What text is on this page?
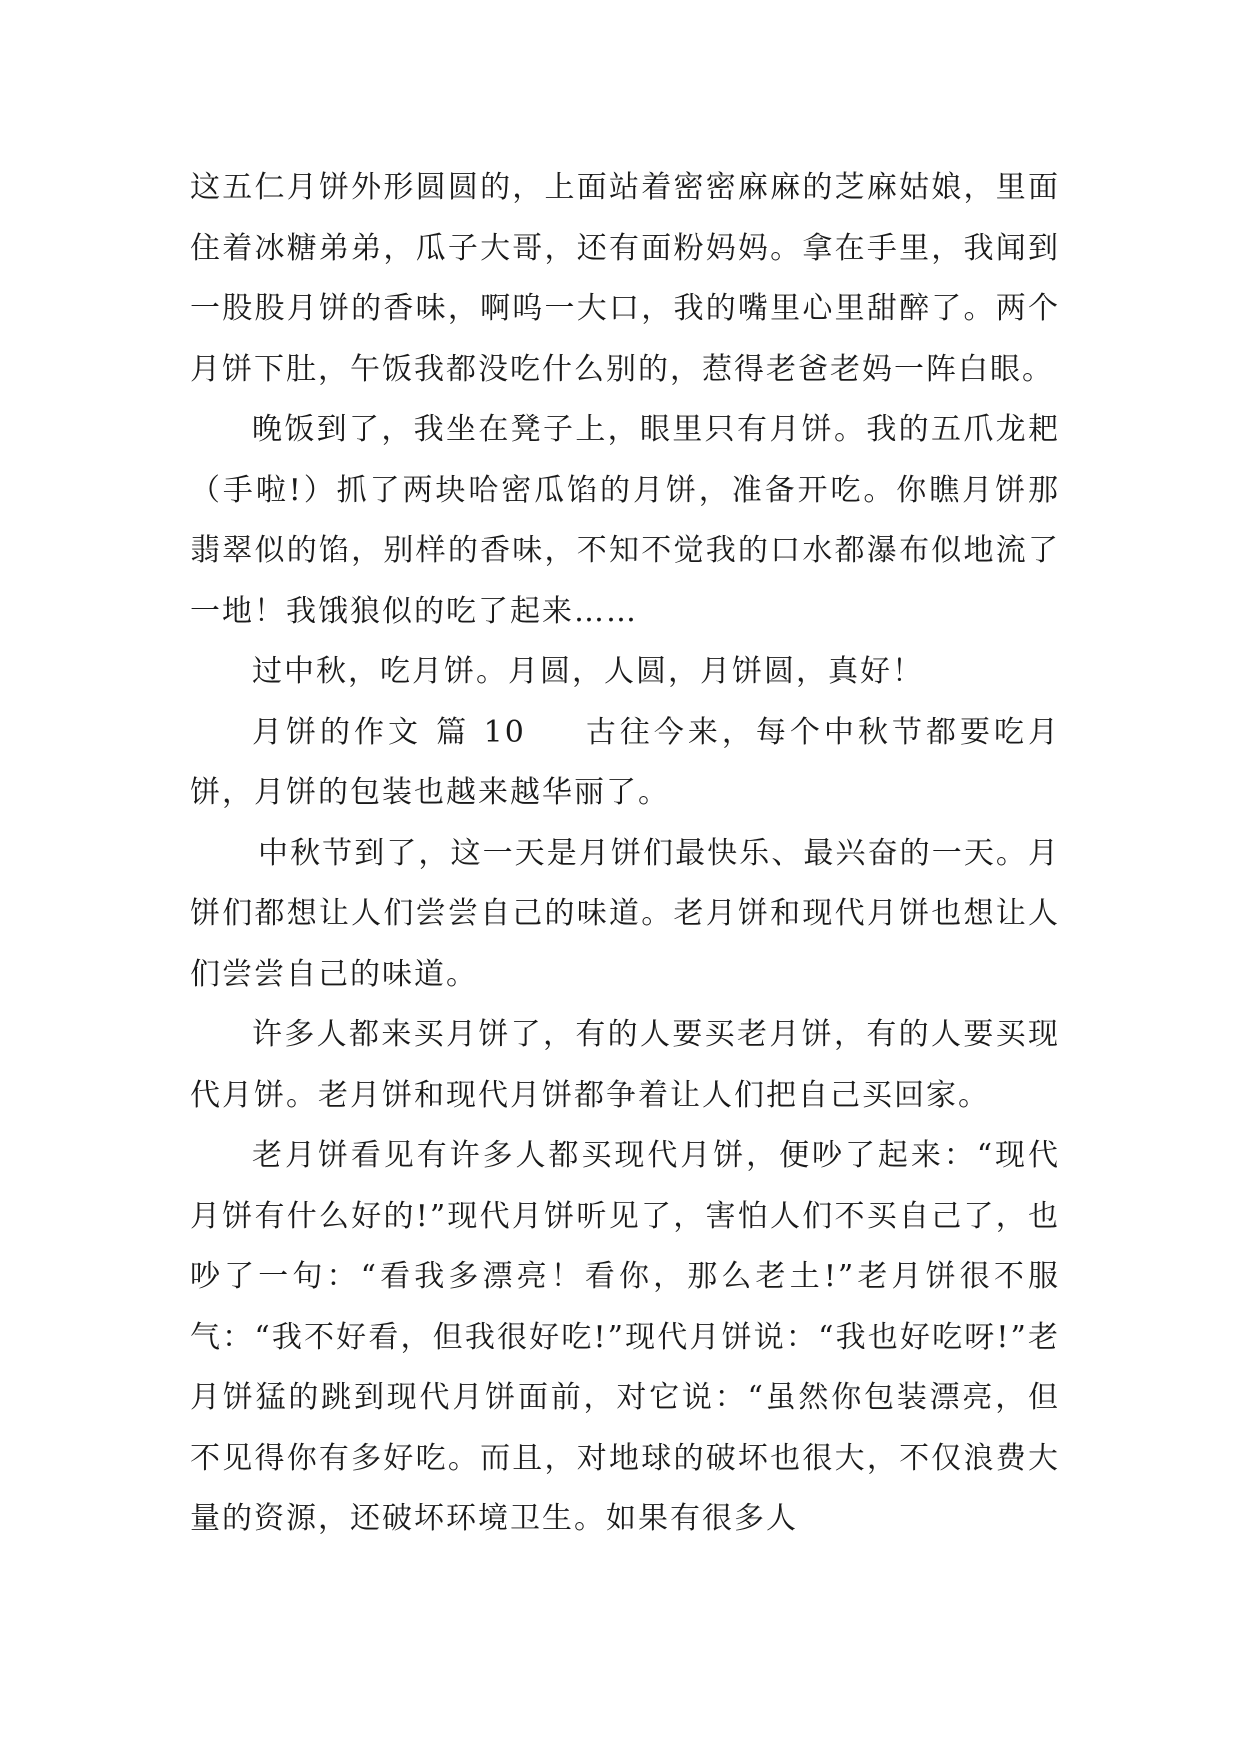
这五仁月饼外形圆圆的，上面站着密密麻麻的芝麻姑娘，里面住着冰糖弟弟，瓜子大哥，还有面粉妈妈。拿在手里，我闻到一股股月饼的香味，啊呜一大口，我的嘴里心里甜醉了。两个月饼下肚，午饭我都没吃什么别的，惹得老爸老妈一阵白眼。

晚饭到了，我坐在凳子上，眼里只有月饼。我的五爪龙耙（手啦!）抓了两块哈密瓜馅的月饼，准备开吃。你瞧月饼那翡翠似的馅，别样的香味，不知不觉我的口水都瀑布似地流了一地！我饿狼似的吃了起来……

过中秋，吃月饼。月圆，人圆，月饼圆，真好！

月饼的作文 篇 10 古往今来，每个中秋节都要吃月饼，月饼的包装也越来越华丽了。

中秋节到了，这一天是月饼们最快乐、最兴奋的一天。月饼们都想让人们尝尝自己的味道。老月饼和现代月饼也想让人们尝尝自己的味道。

许多人都来买月饼了，有的人要买老月饼，有的人要买现代月饼。老月饼和现代月饼都争着让人们把自己买回家。

老月饼看见有许多人都买现代月饼，便吵了起来：“现代月饼有什么好的!”现代月饼听见了，害怕人们不买自己了，也吵了一句：“看我多漂亮！看你，那么老土!”老月饼很不服气：“我不好看，但我很好吃!”现代月饼说：“我也好吃呀!”老月饼猛的跳到现代月饼面前，对它说：“虽然你包装漂亮，但不见得你有多好吃。而且，对地球的破坏也很大，不仅浪费大量的资源，还破坏环境卫生。如果有很多人
